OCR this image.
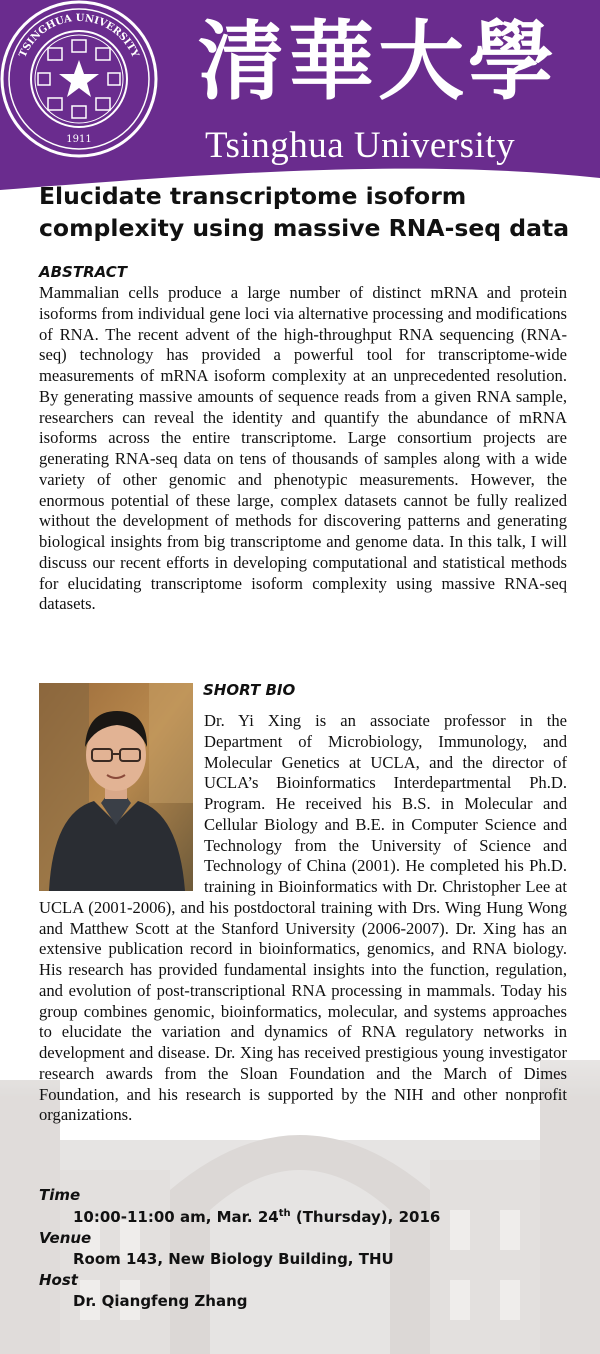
TSINGHUA UNIVERSITY
1911
清華大學
Tsinghua University
Elucidate transcriptome isoform complexity using massive RNA-seq data
ABSTRACT

Mammalian cells produce a large number of distinct mRNA and protein isoforms from individual gene loci via alternative processing and modifications of RNA. The recent advent of the high-throughput RNA sequencing (RNA-seq) technology has provided a powerful tool for transcriptome-wide measurements of mRNA isoform complexity at an unprecedented resolution. By generating massive amounts of sequence reads from a given RNA sample, researchers can reveal the identity and quantify the abundance of mRNA isoforms across the entire transcriptome. Large consortium projects are generating RNA-seq data on tens of thousands of samples along with a wide variety of other genomic and phenotypic measurements. However, the enormous potential of these large, complex datasets cannot be fully realized without the development of methods for discovering patterns and generating biological insights from big transcriptome and genome data. In this talk, I will discuss our recent efforts in developing computational and statistical methods for elucidating transcriptome isoform complexity using massive RNA-seq datasets.

SHORT BIO

Dr. Yi Xing is an associate professor in the Department of Microbiology, Immunology, and Molecular Genetics at UCLA, and the director of UCLA’s Bioinformatics Interdepartmental Ph.D. Program. He received his B.S. in Molecular and Cellular Biology and B.E. in Computer Science and Technology from the University of Science and Technology of China (2001). He completed his Ph.D. training in Bioinformatics with Dr. Christopher Lee at UCLA (2001-2006), and his postdoctoral training with Drs. Wing Hung Wong and Matthew Scott at the Stanford University (2006-2007). Dr. Xing has an extensive publication record in bioinformatics, genomics, and RNA biology. His research has provided fundamental insights into the function, regulation, and evolution of post-transcriptional RNA processing in mammals. Today his group combines genomic, bioinformatics, molecular, and systems approaches to elucidate the variation and dynamics of RNA regulatory networks in development and disease. Dr. Xing has received prestigious young investigator research awards from the Sloan Foundation and the March of Dimes Foundation, and his research is supported by the NIH and other nonprofit organizations.

Time
10:00-11:00 am, Mar. 24th (Thursday), 2016
Venue
Room 143, New Biology Building, THU
Host
Dr. Qiangfeng Zhang
